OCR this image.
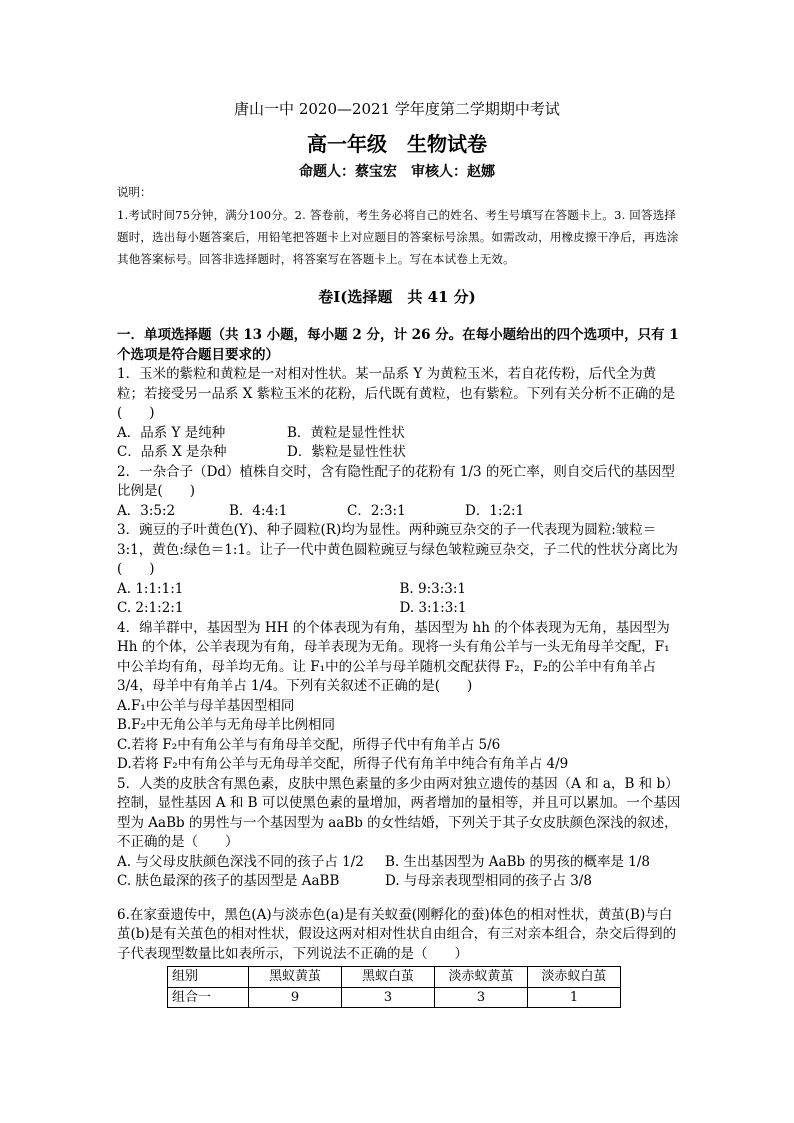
唐山一中 2020—2021 学年度第二学期期中考试
高一年级　生物试卷
命题人：蔡宝宏　审核人：赵娜
说明：
1.考试时间75分钟，满分100分。2. 答卷前，考生务必将自己的姓名、考生号填写在答题卡上。3. 回答选择题时，选出每小题答案后，用铅笔把答题卡上对应题目的答案标号涂黑。如需改动，用橡皮擦干净后，再选涂其他答案标号。回答非选择题时，将答案写在答题卡上。写在本试卷上无效。
卷Ⅰ(选择题　共 41 分)

一．单项选择题（共 13 小题，每小题 2 分，计 26 分。在每小题给出的四个选项中，只有 1 个选项是符合题目要求的）

1．玉米的紫粒和黄粒是一对相对性状。某一品系 Y 为黄粒玉米，若自花传粉，后代全为黄粒；若接受另一品系 X 紫粒玉米的花粉，后代既有黄粒，也有紫粒。下列有关分析不正确的是(　　)

A．品系 Y 是纯种	B．黄粒是显性性状
C．品系 X 是杂种	D．紫粒是显性性状

2．一杂合子（Dd）植株自交时，含有隐性配子的花粉有 1/3 的死亡率，则自交后代的基因型比例是(　　)

A．3:5:2	B．4:4:1	C．2:3:1	D．1:2:1

3．豌豆的子叶黄色(Y)、种子圆粒(R)均为显性。两种豌豆杂交的子一代表现为圆粒:皱粒＝3:1，黄色:绿色＝1:1。让子一代中黄色圆粒豌豆与绿色皱粒豌豆杂交，子二代的性状分离比为(　　)

A. 1:1:1:1	B. 9:3:3:1
C. 2:1:2:1	D. 3:1:3:1

4．绵羊群中，基因型为 HH 的个体表现为有角，基因型为 hh 的个体表现为无角，基因型为 Hh 的个体，公羊表现为有角，母羊表现为无角。现将一头有角公羊与一头无角母羊交配，F₁中公羊均有角，母羊均无角。让 F₁中的公羊与母羊随机交配获得 F₂，F₂的公羊中有角羊占 3/4，母羊中有角羊占 1/4。下列有关叙述不正确的是(　　)

A.F₁中公羊与母羊基因型相同

B.F₂中无角公羊与无角母羊比例相同

C.若将 F₂中有角公羊与有角母羊交配，所得子代中有角羊占 5/6

D.若将 F₂中有角公羊与无角母羊交配，所得子代有角羊中纯合有角羊占 4/9

5．人类的皮肤含有黑色素，皮肤中黑色素量的多少由两对独立遗传的基因（A 和 a，B 和 b）控制，显性基因 A 和 B 可以使黑色素的量增加，两者增加的量相等，并且可以累加。一个基因型为 AaBb 的男性与一个基因型为 aaBb 的女性结婚，下列关于其子女皮肤颜色深浅的叙述，不正确的是（　　）

A. 与父母皮肤颜色深浅不同的孩子占 1/2	B. 生出基因型为 AaBb 的男孩的概率是 1/8
C. 肤色最深的孩子的基因型是 AaBB	D. 与母亲表现型相同的孩子占 3/8

6.在家蚕遗传中，黑色(A)与淡赤色(a)是有关蚁蚕(刚孵化的蚕)体色的相对性状，黄茧(B)与白茧(b)是有关茧色的相对性状，假设这两对相对性状自由组合，有三对亲本组合，杂交后得到的子代表现型数量比如表所示，下列说法不正确的是（　　）

组别	黑蚁黄茧	黑蚁白茧	淡赤蚁黄茧	淡赤蚁白茧
组合一	9	3	3	1
